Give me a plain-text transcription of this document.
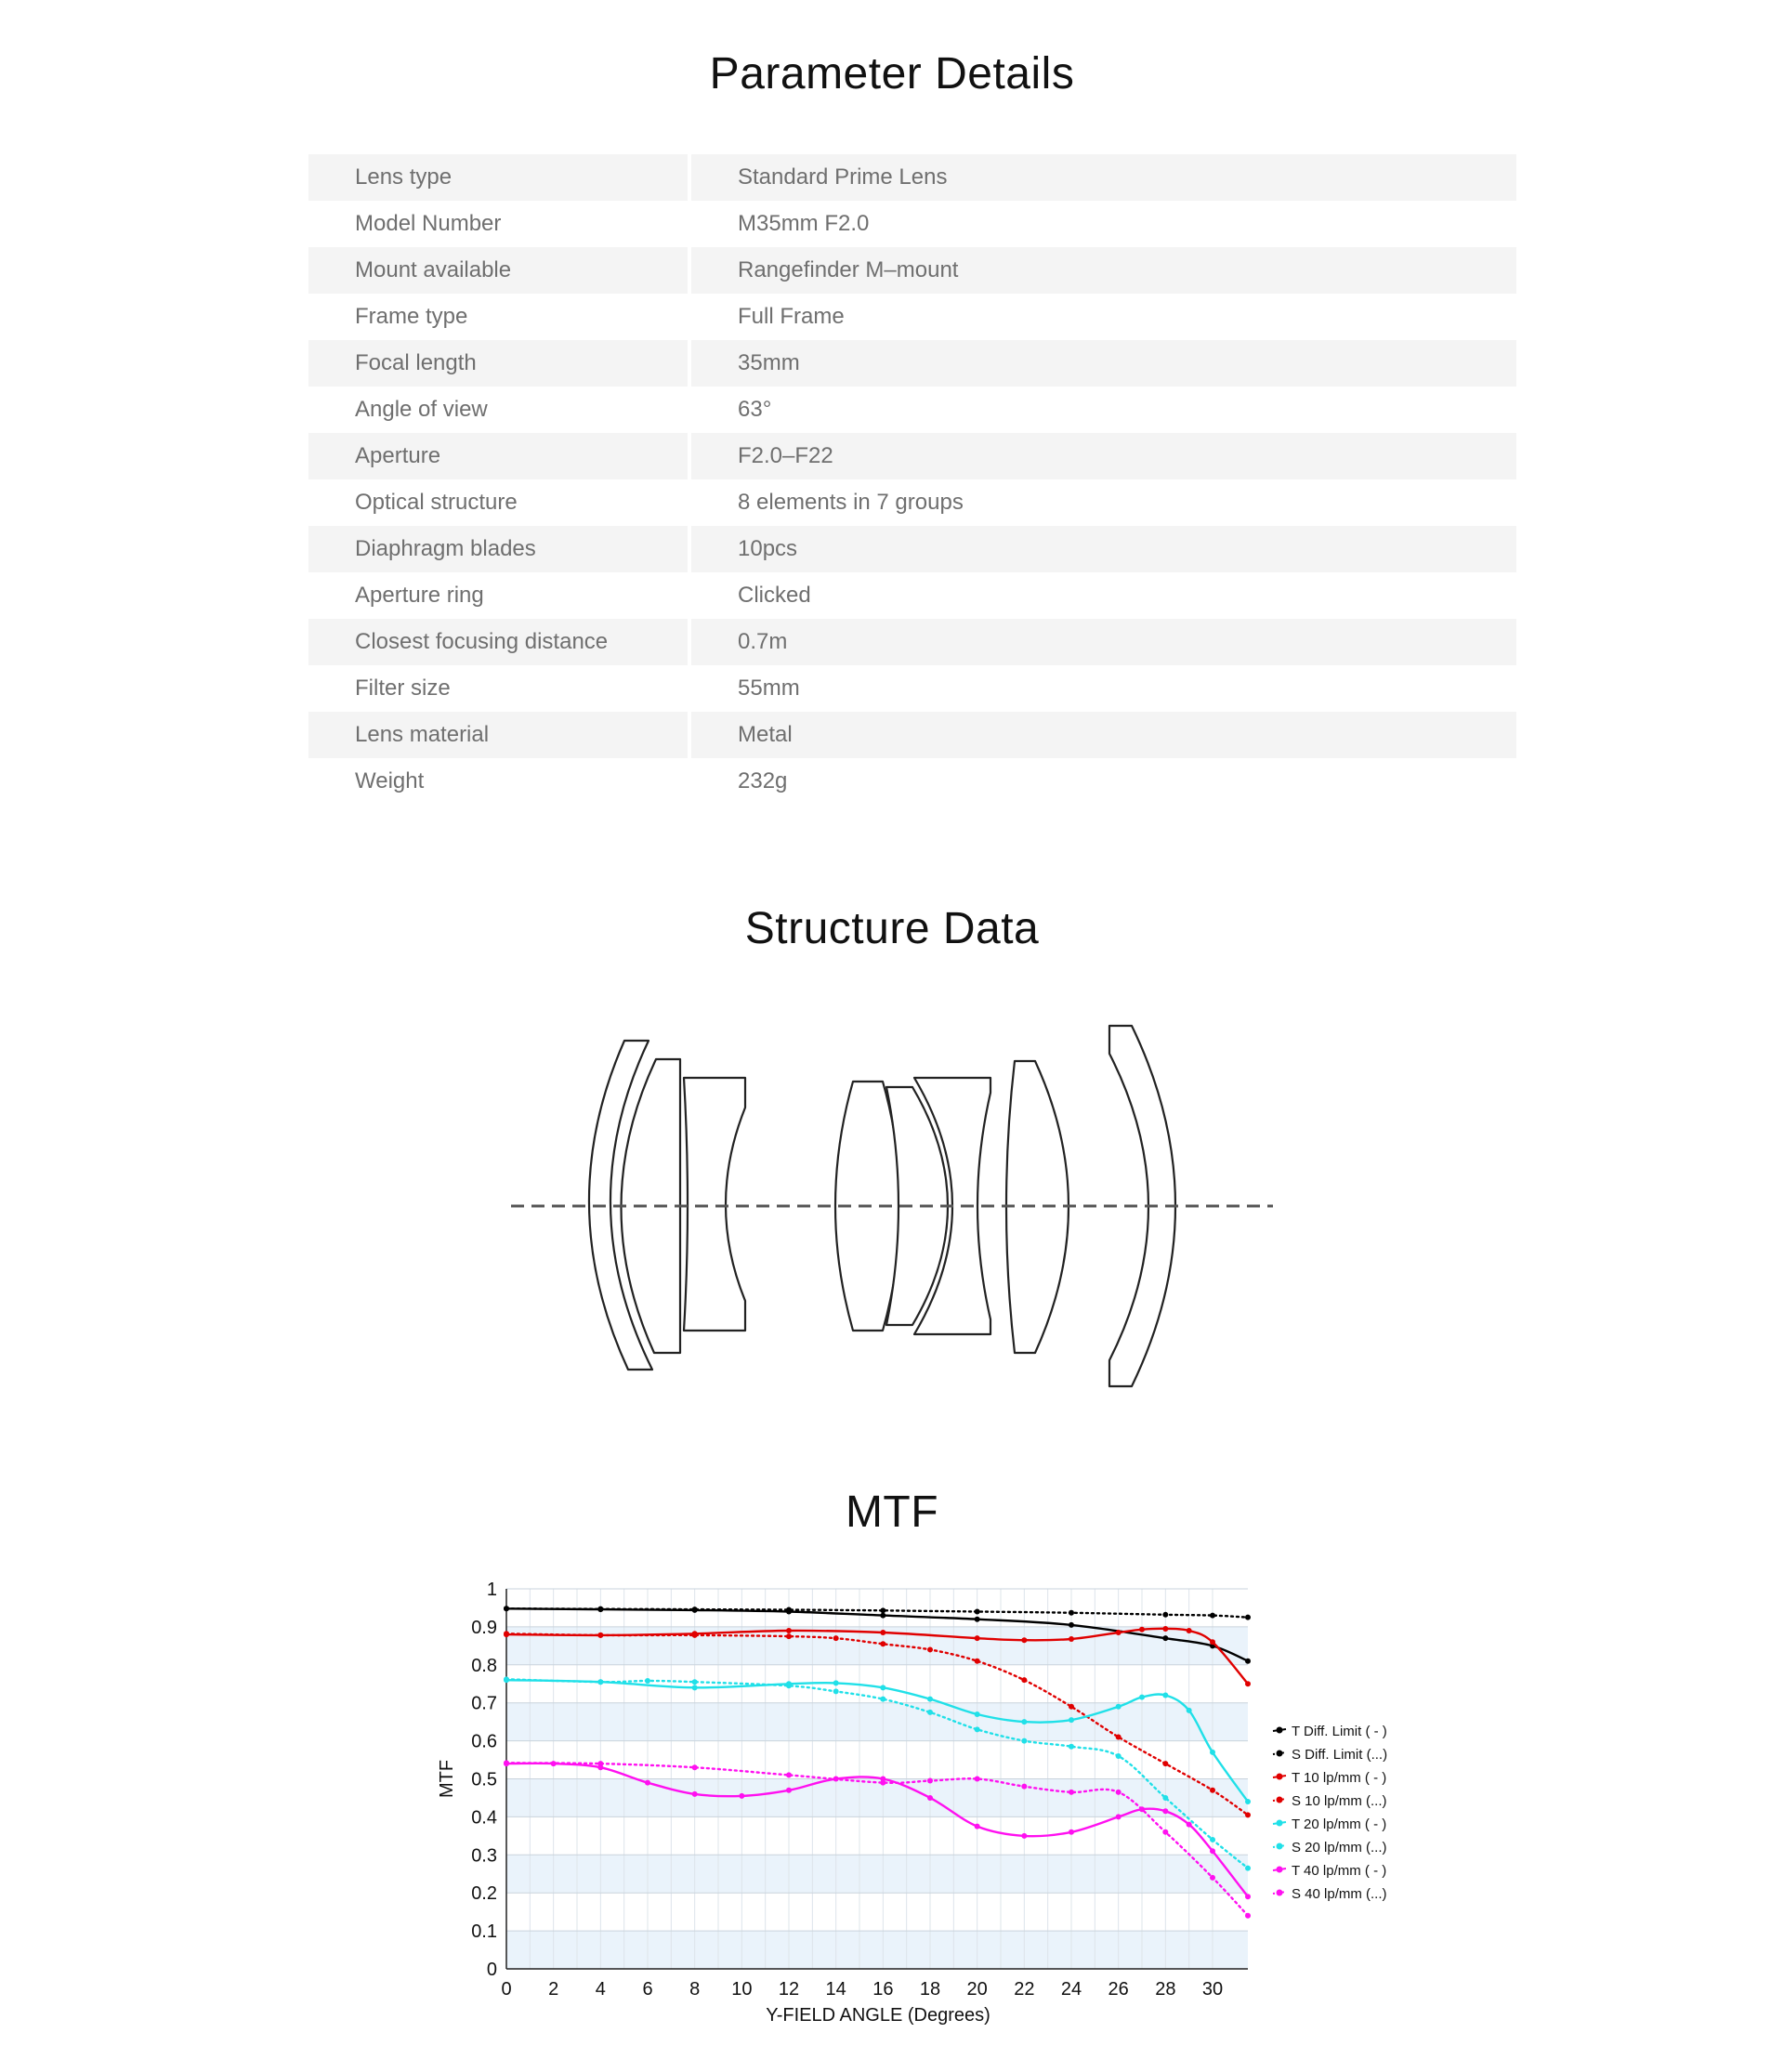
Parameter Details
Lens type	Standard Prime Lens
Model Number	M35mm F2.0
Mount available	Rangefinder M–mount
Frame type	Full Frame
Focal length	35mm
Angle of view	63°
Aperture	F2.0–F22
Optical structure	8 elements in 7 groups
Diaphragm blades	10pcs
Aperture ring	Clicked
Closest focusing distance	0.7m
Filter size	55mm
Lens material	Metal
Weight	232g
Structure Data
MTF
0
0.1
0.2
0.3
0.4
0.5
0.6
0.7
0.8
0.9
1
0 2 4 6 8 10 12 14 16 18 20 22 24 26 28 30
Y-FIELD ANGLE (Degrees)
MTF
T Diff. Limit ( - )
S Diff. Limit (...)
T 10 lp/mm ( - )
S 10 lp/mm (...)
T 20 lp/mm ( - )
S 20 lp/mm (...)
T 40 lp/mm ( - )
S 40 lp/mm (...)
